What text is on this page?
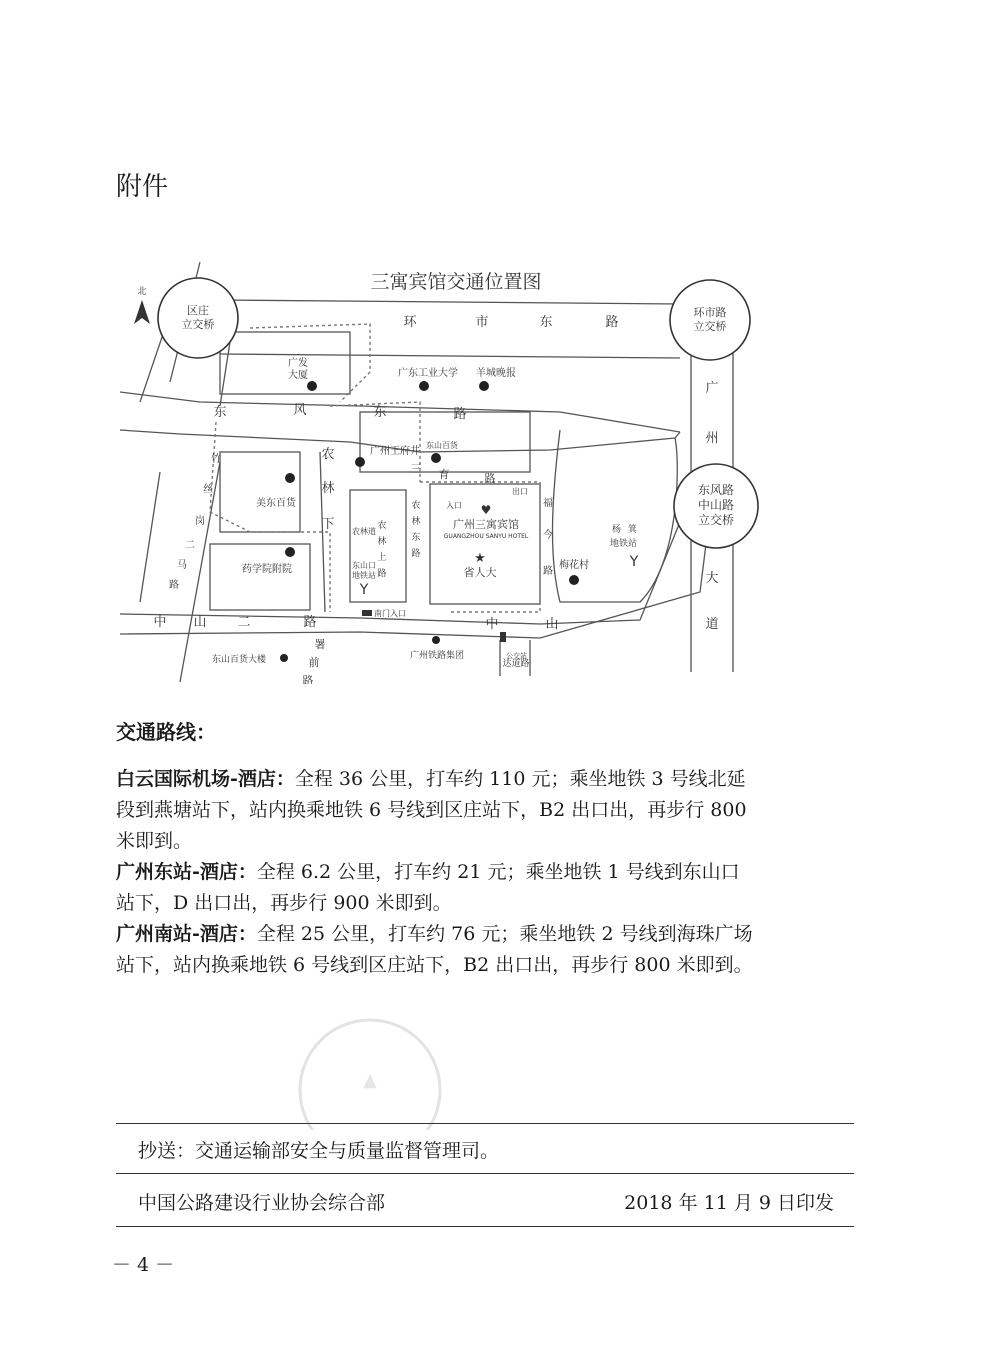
附件
三寓宾馆交通位置图
北
区庄
立交桥
环市路
立交桥
东风路
中山路
立交桥
环	市	东	路
东	风	东	路
中 山 二	路	中	山
广
州
大
道
农
林
下
三 育	路
福
今
路
署
前
路
竹
丝
岗
二
马
路
农
林
东
路
农
林
上
路
达道路
广发
大厦	广东工业大学 羊城晚报
广州王府井
东山百货
美东百货
药学院附院
广州三寓宾馆
GUANGZHOU SANYU HOTEL
入口
出口
省人大
梅花村
杨 箕
地铁站
东山口
地铁站
农林道
南门入口
东山百货大楼	广州铁路集团	公交站
♥
★
Y
Y
交通路线：
白云国际机场-酒店：全程 36 公里，打车约 110 元；乘坐地铁 3 号线北延
段到燕塘站下，站内换乘地铁 6 号线到区庄站下，B2 出口出，再步行 800
米即到。
广州东站-酒店：全程 6.2 公里，打车约 21 元；乘坐地铁 1 号线到东山口
站下，D 出口出，再步行 900 米即到。
广州南站-酒店：全程 25 公里，打车约 76 元；乘坐地铁 2 号线到海珠广场
站下，站内换乘地铁 6 号线到区庄站下，B2 出口出，再步行 800 米即到。
▲
抄送：交通运输部安全与质量监督管理司。
中国公路建设行业协会综合部	2018 年 11 月 9 日印发
－ 4 －
